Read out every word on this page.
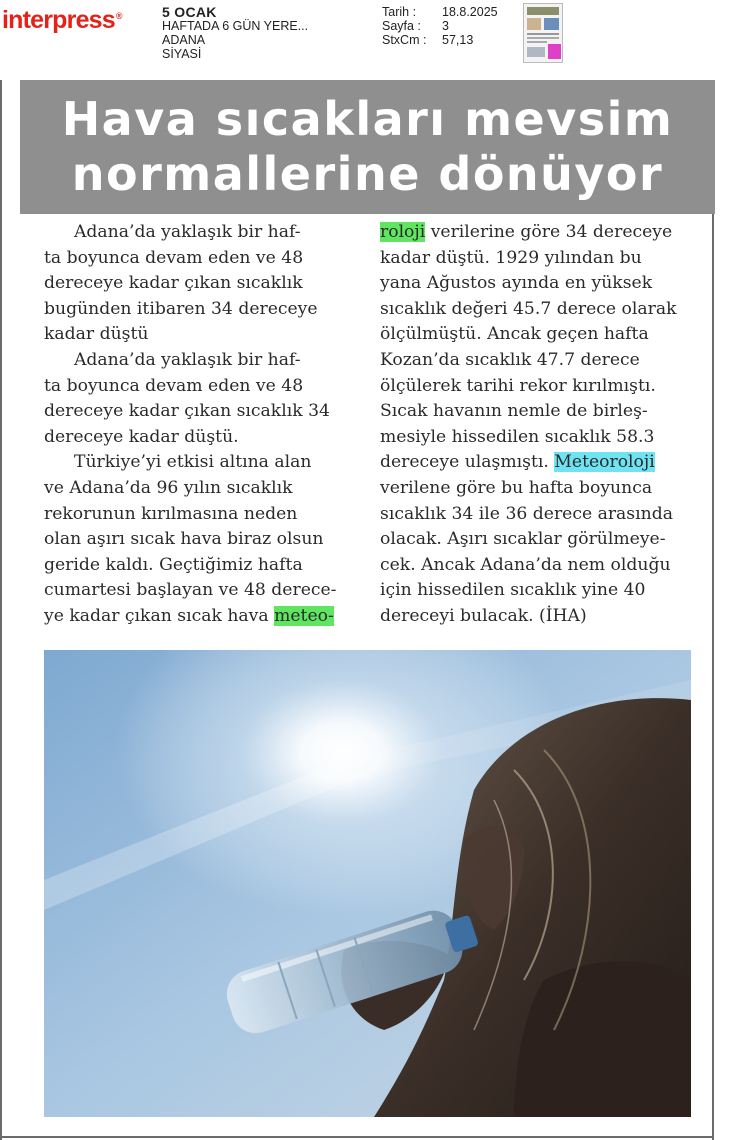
interpress®	5 OCAK
HAFTADA 6 GÜN YERE...
ADANA
SİYASİ
Tarih :	18.8.2025
Sayfa :	3
StxCm :	57,13
Hava sıcakları mevsim
normallerine dönüyor
Adana’da yaklaşık bir haf-
ta boyunca devam eden ve 48
dereceye kadar çıkan sıcaklık
bugünden itibaren 34 dereceye
kadar düştü
Adana’da yaklaşık bir haf-
ta boyunca devam eden ve 48
dereceye kadar çıkan sıcaklık 34
dereceye kadar düştü.
Türkiye’yi etkisi altına alan
ve Adana’da 96 yılın sıcaklık
rekorunun kırılmasına neden
olan aşırı sıcak hava biraz olsun
geride kaldı. Geçtiğimiz hafta
cumartesi başlayan ve 48 derece-
ye kadar çıkan sıcak hava meteo-
roloji verilerine göre 34 dereceye
kadar düştü. 1929 yılından bu
yana Ağustos ayında en yüksek
sıcaklık değeri 45.7 derece olarak
ölçülmüştü. Ancak geçen hafta
Kozan’da sıcaklık 47.7 derece
ölçülerek tarihi rekor kırılmıştı.
Sıcak havanın nemle de birleş-
mesiyle hissedilen sıcaklık 58.3
dereceye ulaşmıştı. Meteoroloji
verilene göre bu hafta boyunca
sıcaklık 34 ile 36 derece arasında
olacak. Aşırı sıcaklar görülmeye-
cek. Ancak Adana’da nem olduğu
için hissedilen sıcaklık yine 40
dereceyi bulacak. (İHA)
